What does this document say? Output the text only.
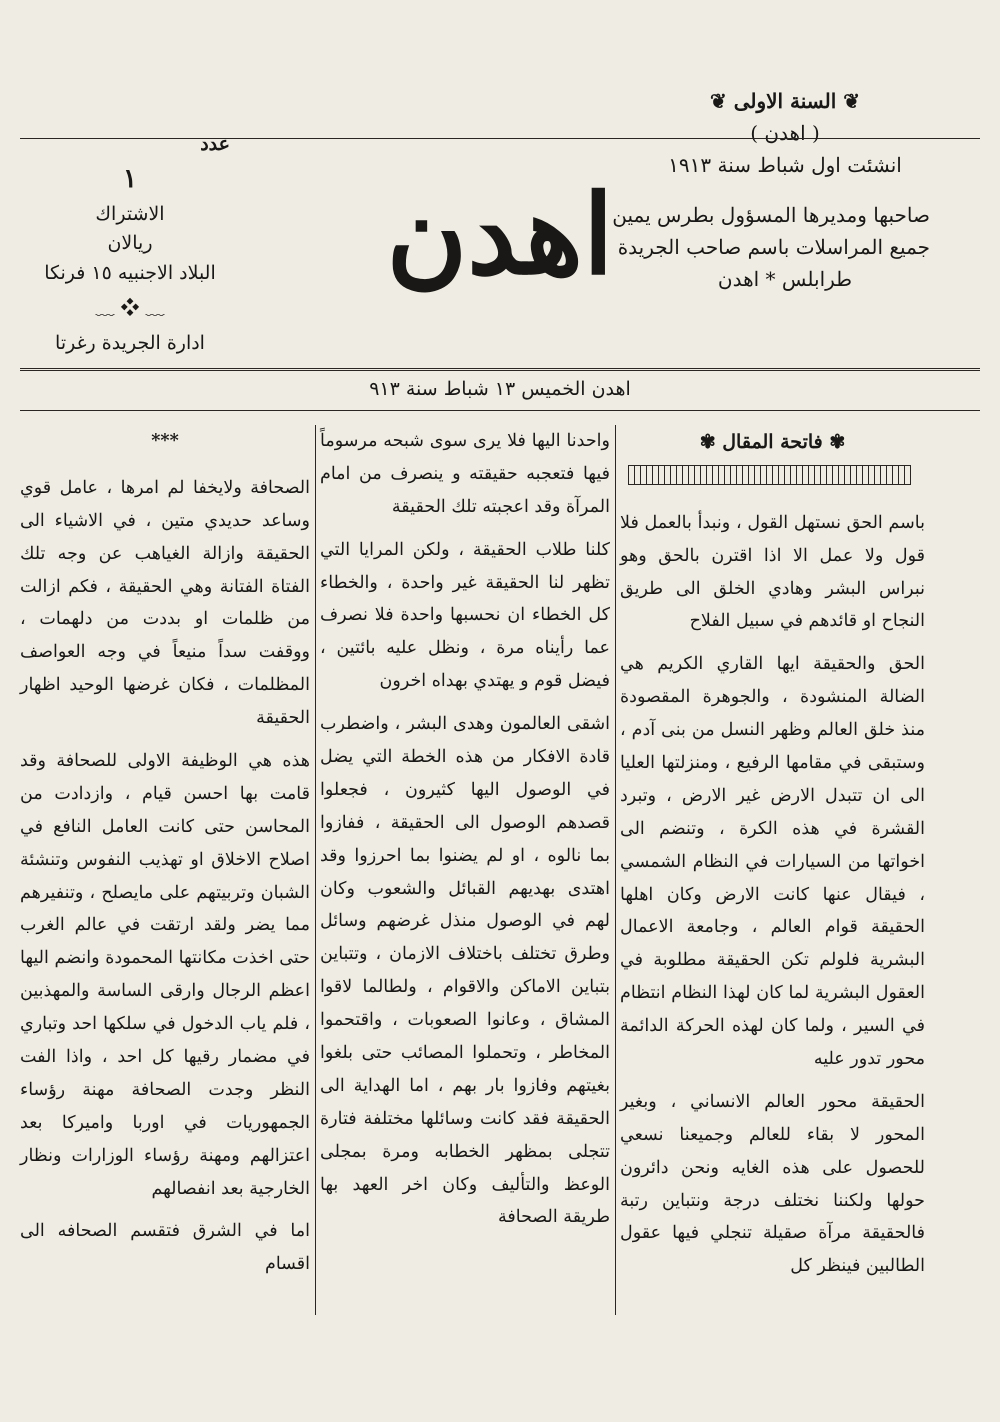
❦ السنة الاولى ❦
( اهدن )
انشئت اول شباط سنة ١٩١٣
صاحبها ومديرها المسؤول بطرس يمين
جميع المراسلات باسم صاحب الجريدة
طرابلس * اهدن
عدد
١
الاشتراك
ريالان
البلاد الاجنبيه ١٥ فرنكا
﹏ ❖ ﹏
ادارة الجريدة رغرتا
اهدن
اهدن الخميس ١٣ شباط سنة ٩١٣
✾ فاتحة المقال ✾

باسم الحق نستهل القول ، ونبدأ بالعمل فلا قول ولا عمل الا اذا اقترن بالحق وهو نبراس البشر وهادي الخلق الى طريق النجاح او قائدهم في سبيل الفلاح

الحق والحقيقة ايها القاري الكريم هي الضالة المنشودة ، والجوهرة المقصودة منذ خلق العالم وظهر النسل من بنى آدم ، وستبقى في مقامها الرفيع ، ومنزلتها العليا الى ان تتبدل الارض غير الارض ، وتبرد القشرة في هذه الكرة ، وتنضم الى اخواتها من السيارات في النظام الشمسي ، فيقال عنها كانت الارض وكان اهلها الحقيقة قوام العالم ، وجامعة الاعمال البشرية فلولم تكن الحقيقة مطلوبة في العقول البشرية لما كان لهذا النظام انتظام في السير ، ولما كان لهذه الحركة الدائمة محور تدور عليه

الحقيقة محور العالم الانساني ، وبغير المحور لا بقاء للعالم وجميعنا نسعي للحصول على هذه الغايه ونحن دائرون حولها ولكننا نختلف درجة ونتباين رتبة فالحقيقة مرآة صقيلة تنجلي فيها عقول الطالبين فينظر كل

واحدنا اليها فلا يرى سوى شبحه مرسوماً فيها فتعجبه حقيقته و ينصرف من امام المرآة وقد اعجبته تلك الحقيقة

كلنا طلاب الحقيقة ، ولكن المرايا التي تظهر لنا الحقيقة غير واحدة ، والخطاء كل الخطاء ان نحسبها واحدة فلا نصرف عما رأيناه مرة ، ونظل عليه بائتين ، فيضل قوم و يهتدي بهداه اخرون

اشقى العالمون وهدى البشر ، واضطرب قادة الافكار من هذه الخطة التي يضل في الوصول اليها كثيرون ، فجعلوا قصدهم الوصول الى الحقيقة ، ففازوا بما نالوه ، او لم يضنوا بما احرزوا وقد اهتدى بهديهم القبائل والشعوب وكان لهم في الوصول منذل غرضهم وسائل وطرق تختلف باختلاف الازمان ، وتتباين بتباين الاماكن والاقوام ، ولطالما لاقوا المشاق ، وعانوا الصعوبات ، واقتحموا المخاطر ، وتحملوا المصائب حتى بلغوا بغيتهم وفازوا بار بهم ، اما الهداية الى الحقيقة فقد كانت وسائلها مختلفة فتارة تتجلى بمظهر الخطابه ومرة بمجلى الوعظ والتأليف وكان اخر العهد بها طريقة الصحافة

***

الصحافة ولايخفا لم امرها ، عامل قوي وساعد حديدي متين ، في الاشياء الى الحقيقة وازالة الغياهب عن وجه تلك الفتاة الفتانة وهي الحقيقة ، فكم ازالت من ظلمات او بددت من دلهمات ، ووقفت سداً منيعاً في وجه العواصف المظلمات ، فكان غرضها الوحيد اظهار الحقيقة

هذه هي الوظيفة الاولى للصحافة وقد قامت بها احسن قيام ، وازدادت من المحاسن حتى كانت العامل النافع في اصلاح الاخلاق او تهذيب النفوس وتنشئة الشبان وتربيتهم على مايصلح ، وتنفيرهم مما يضر ولقد ارتقت في عالم الغرب حتى اخذت مكانتها المحمودة وانضم اليها اعظم الرجال وارقى الساسة والمهذبين ، فلم ياب الدخول في سلكها احد وتباري في مضمار رقيها كل احد ، واذا الفت النظر وجدت الصحافة مهنة رؤساء الجمهوريات في اوربا واميركا بعد اعتزالهم ومهنة رؤساء الوزارات ونظار الخارجية بعد انفصالهم

اما في الشرق فتقسم الصحافه الى اقسام
